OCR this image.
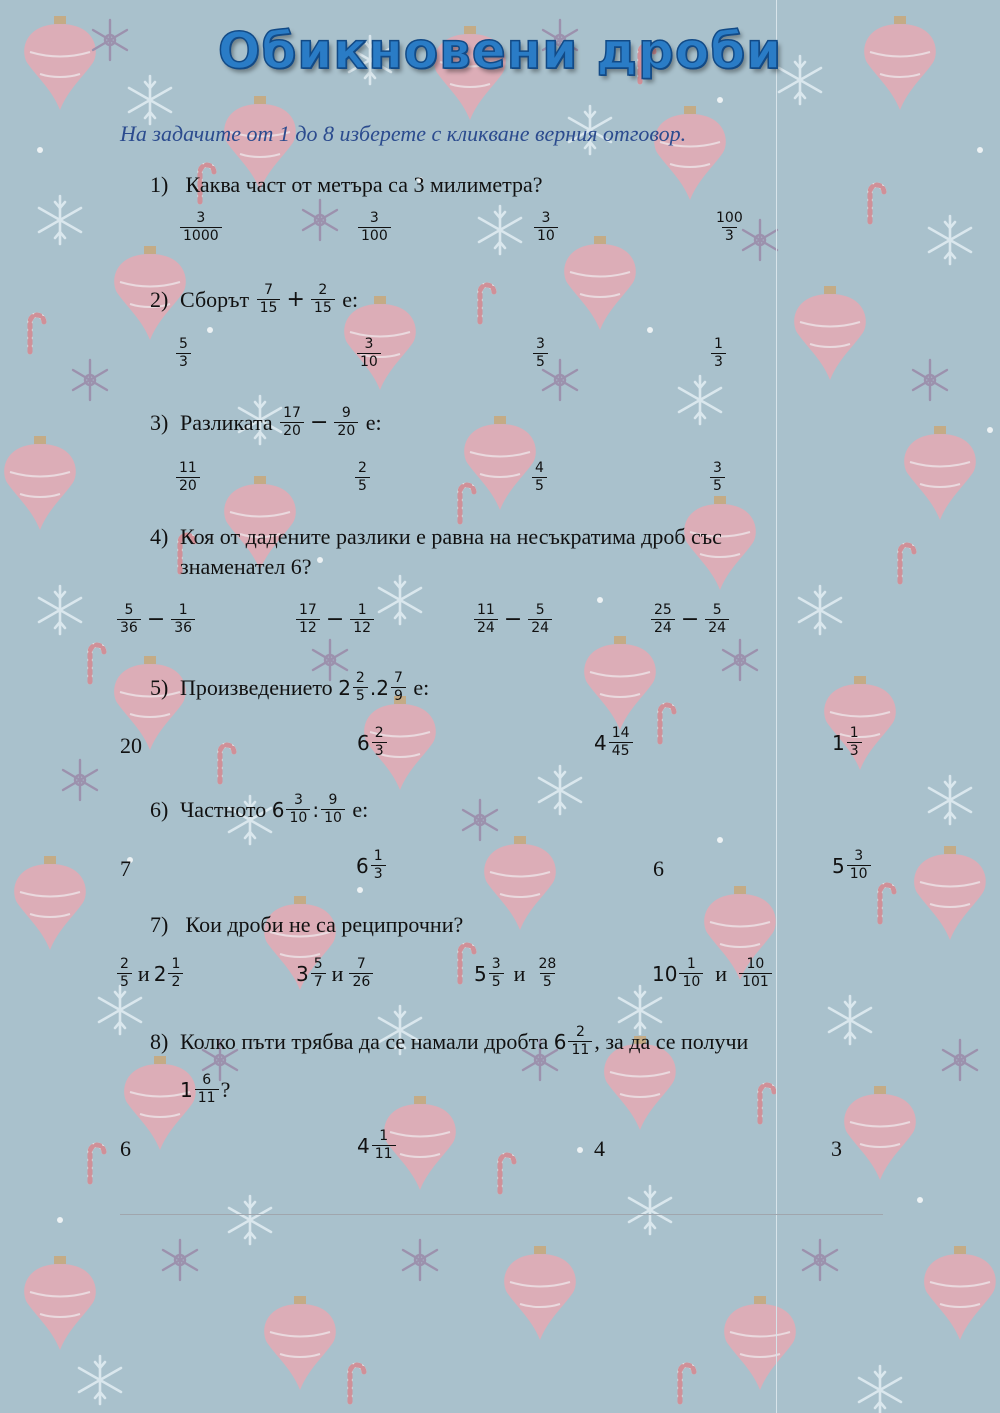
Обикновени дроби
На задачите от 1 до 8 изберете с кликване верния отговор.
1) Каква част от метъра са 3 милиметра?
$\frac{3}{1000}$	$\frac{3}{100}$	$\frac{3}{10}$	$\frac{100}{3}$
2) Сборът
$\frac{7}{15} + \frac{2}{15}$
е:
$\frac{5}{3}$	$\frac{3}{10}$	$\frac{3}{5}$	$\frac{1}{3}$
3) Разликата
$\frac{17}{20} - \frac{9}{20}$
е:
$\frac{11}{20}$	$\frac{2}{5}$	$\frac{4}{5}$	$\frac{3}{5}$
4) Коя от дадените разлики е равна на несъкратима дроб със
знаменател 6?
$\frac{5}{36} - \frac{1}{36}$	$\frac{17}{12} - \frac{1}{12}$	$\frac{11}{24} - \frac{5}{24}$	$\frac{25}{24} - \frac{5}{24}$
5) Произведението
$2 \frac{2}{5}$ . $2 \frac{7}{9}$
е:
20	$6 \frac{2}{3}$	$4 \frac{14}{45}$	$1 \frac{1}{3}$
6) Частното
$6 \frac{3}{10}$ : $\frac{9}{10}$
е:
7	$6 \frac{1}{3}$	6	$5 \frac{3}{10}$
7) Кои дроби не са реципрочни?
$\frac{2}{5}$ и $2 \frac{1}{2}$	$3 \frac{5}{7}$ и $\frac{7}{26}$	$5 \frac{3}{5}$ и $\frac{28}{5}$	$10 \frac{1}{10}$ и $\frac{10}{101}$
8) Колко пъти трябва да се намали дробта
$6 \frac{2}{11}$ , за да се получи
$1 \frac{6}{11}$ ?
6	$4 \frac{1}{11}$	4	3
